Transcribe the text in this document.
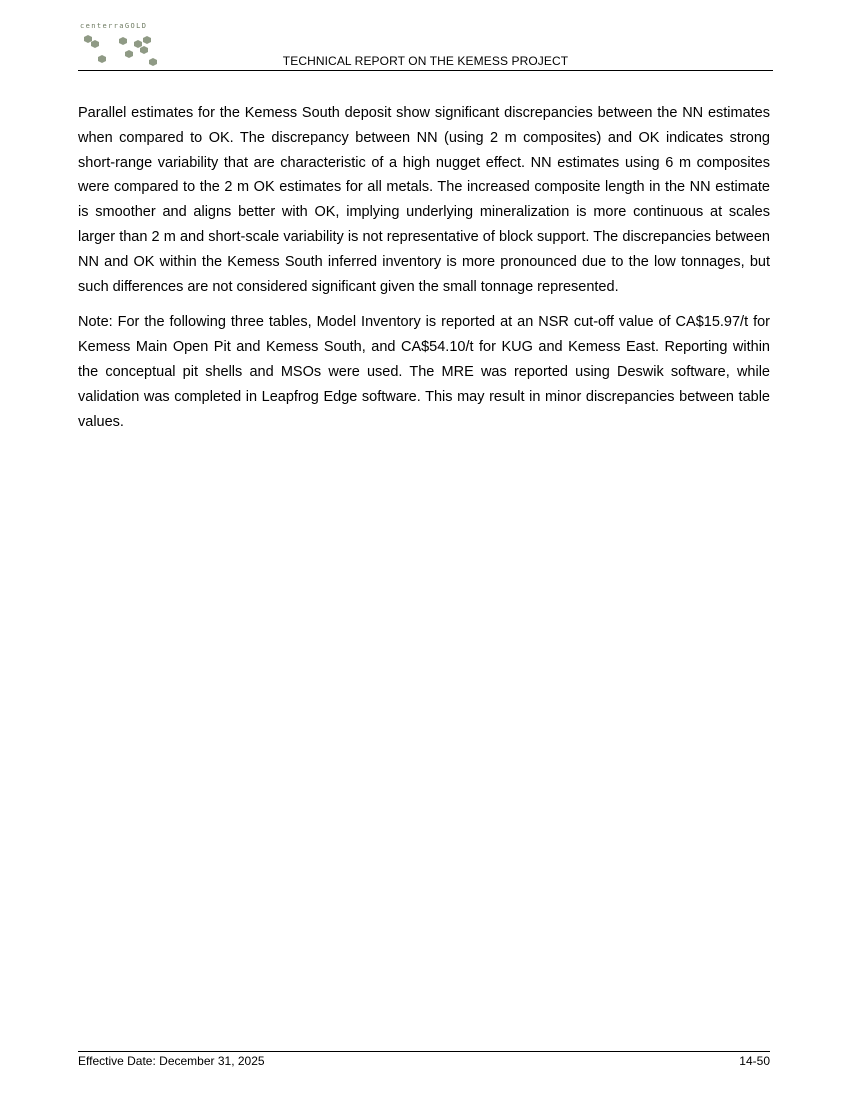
centerraGOLD
TECHNICAL REPORT ON THE KEMESS PROJECT

Parallel estimates for the Kemess South deposit show significant discrepancies between the NN estimates when compared to OK. The discrepancy between NN (using 2 m composites) and OK indicates strong short-range variability that are characteristic of a high nugget effect. NN estimates using 6 m composites were compared to the 2 m OK estimates for all metals. The increased composite length in the NN estimate is smoother and aligns better with OK, implying underlying mineralization is more continuous at scales larger than 2 m and short-scale variability is not representative of block support. The discrepancies between NN and OK within the Kemess South inferred inventory is more pronounced due to the low tonnages, but such differences are not considered significant given the small tonnage represented.

Note: For the following three tables, Model Inventory is reported at an NSR cut-off value of CA$15.97/t for Kemess Main Open Pit and Kemess South, and CA$54.10/t for KUG and Kemess East. Reporting within the conceptual pit shells and MSOs were used. The MRE was reported using Deswik software, while validation was completed in Leapfrog Edge software. This may result in minor discrepancies between table values.

Effective Date: December 31, 2025	14-50
